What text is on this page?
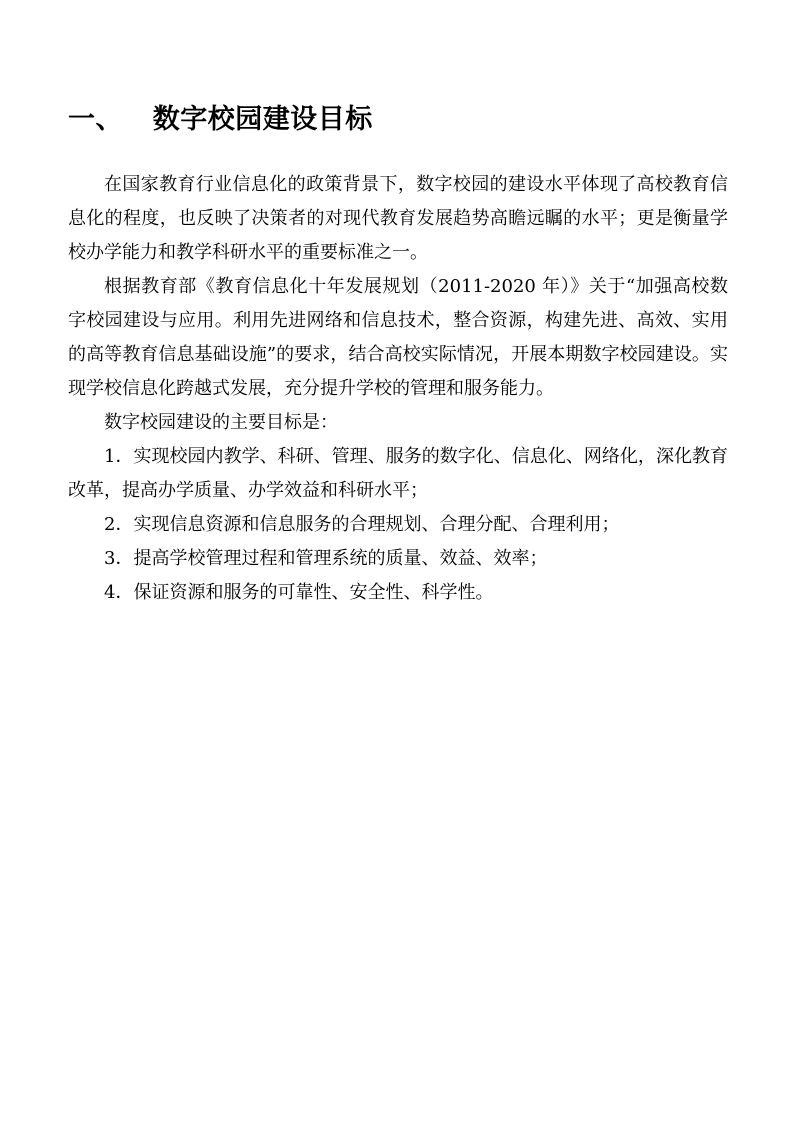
一、   数字校园建设目标

在国家教育行业信息化的政策背景下，数字校园的建设水平体现了高校教育信息化的程度，也反映了决策者的对现代教育发展趋势高瞻远瞩的水平；更是衡量学校办学能力和教学科研水平的重要标准之一。

根据教育部《教育信息化十年发展规划（2011-2020 年）》关于“加强高校数字校园建设与应用。利用先进网络和信息技术，整合资源，构建先进、高效、实用的高等教育信息基础设施”的要求，结合高校实际情况，开展本期数字校园建设。实现学校信息化跨越式发展，充分提升学校的管理和服务能力。

数字校园建设的主要目标是：

1．实现校园内教学、科研、管理、服务的数字化、信息化、网络化，深化教育改革，提高办学质量、办学效益和科研水平；
2．实现信息资源和信息服务的合理规划、合理分配、合理利用；
3．提高学校管理过程和管理系统的质量、效益、效率；
4．保证资源和服务的可靠性、安全性、科学性。
